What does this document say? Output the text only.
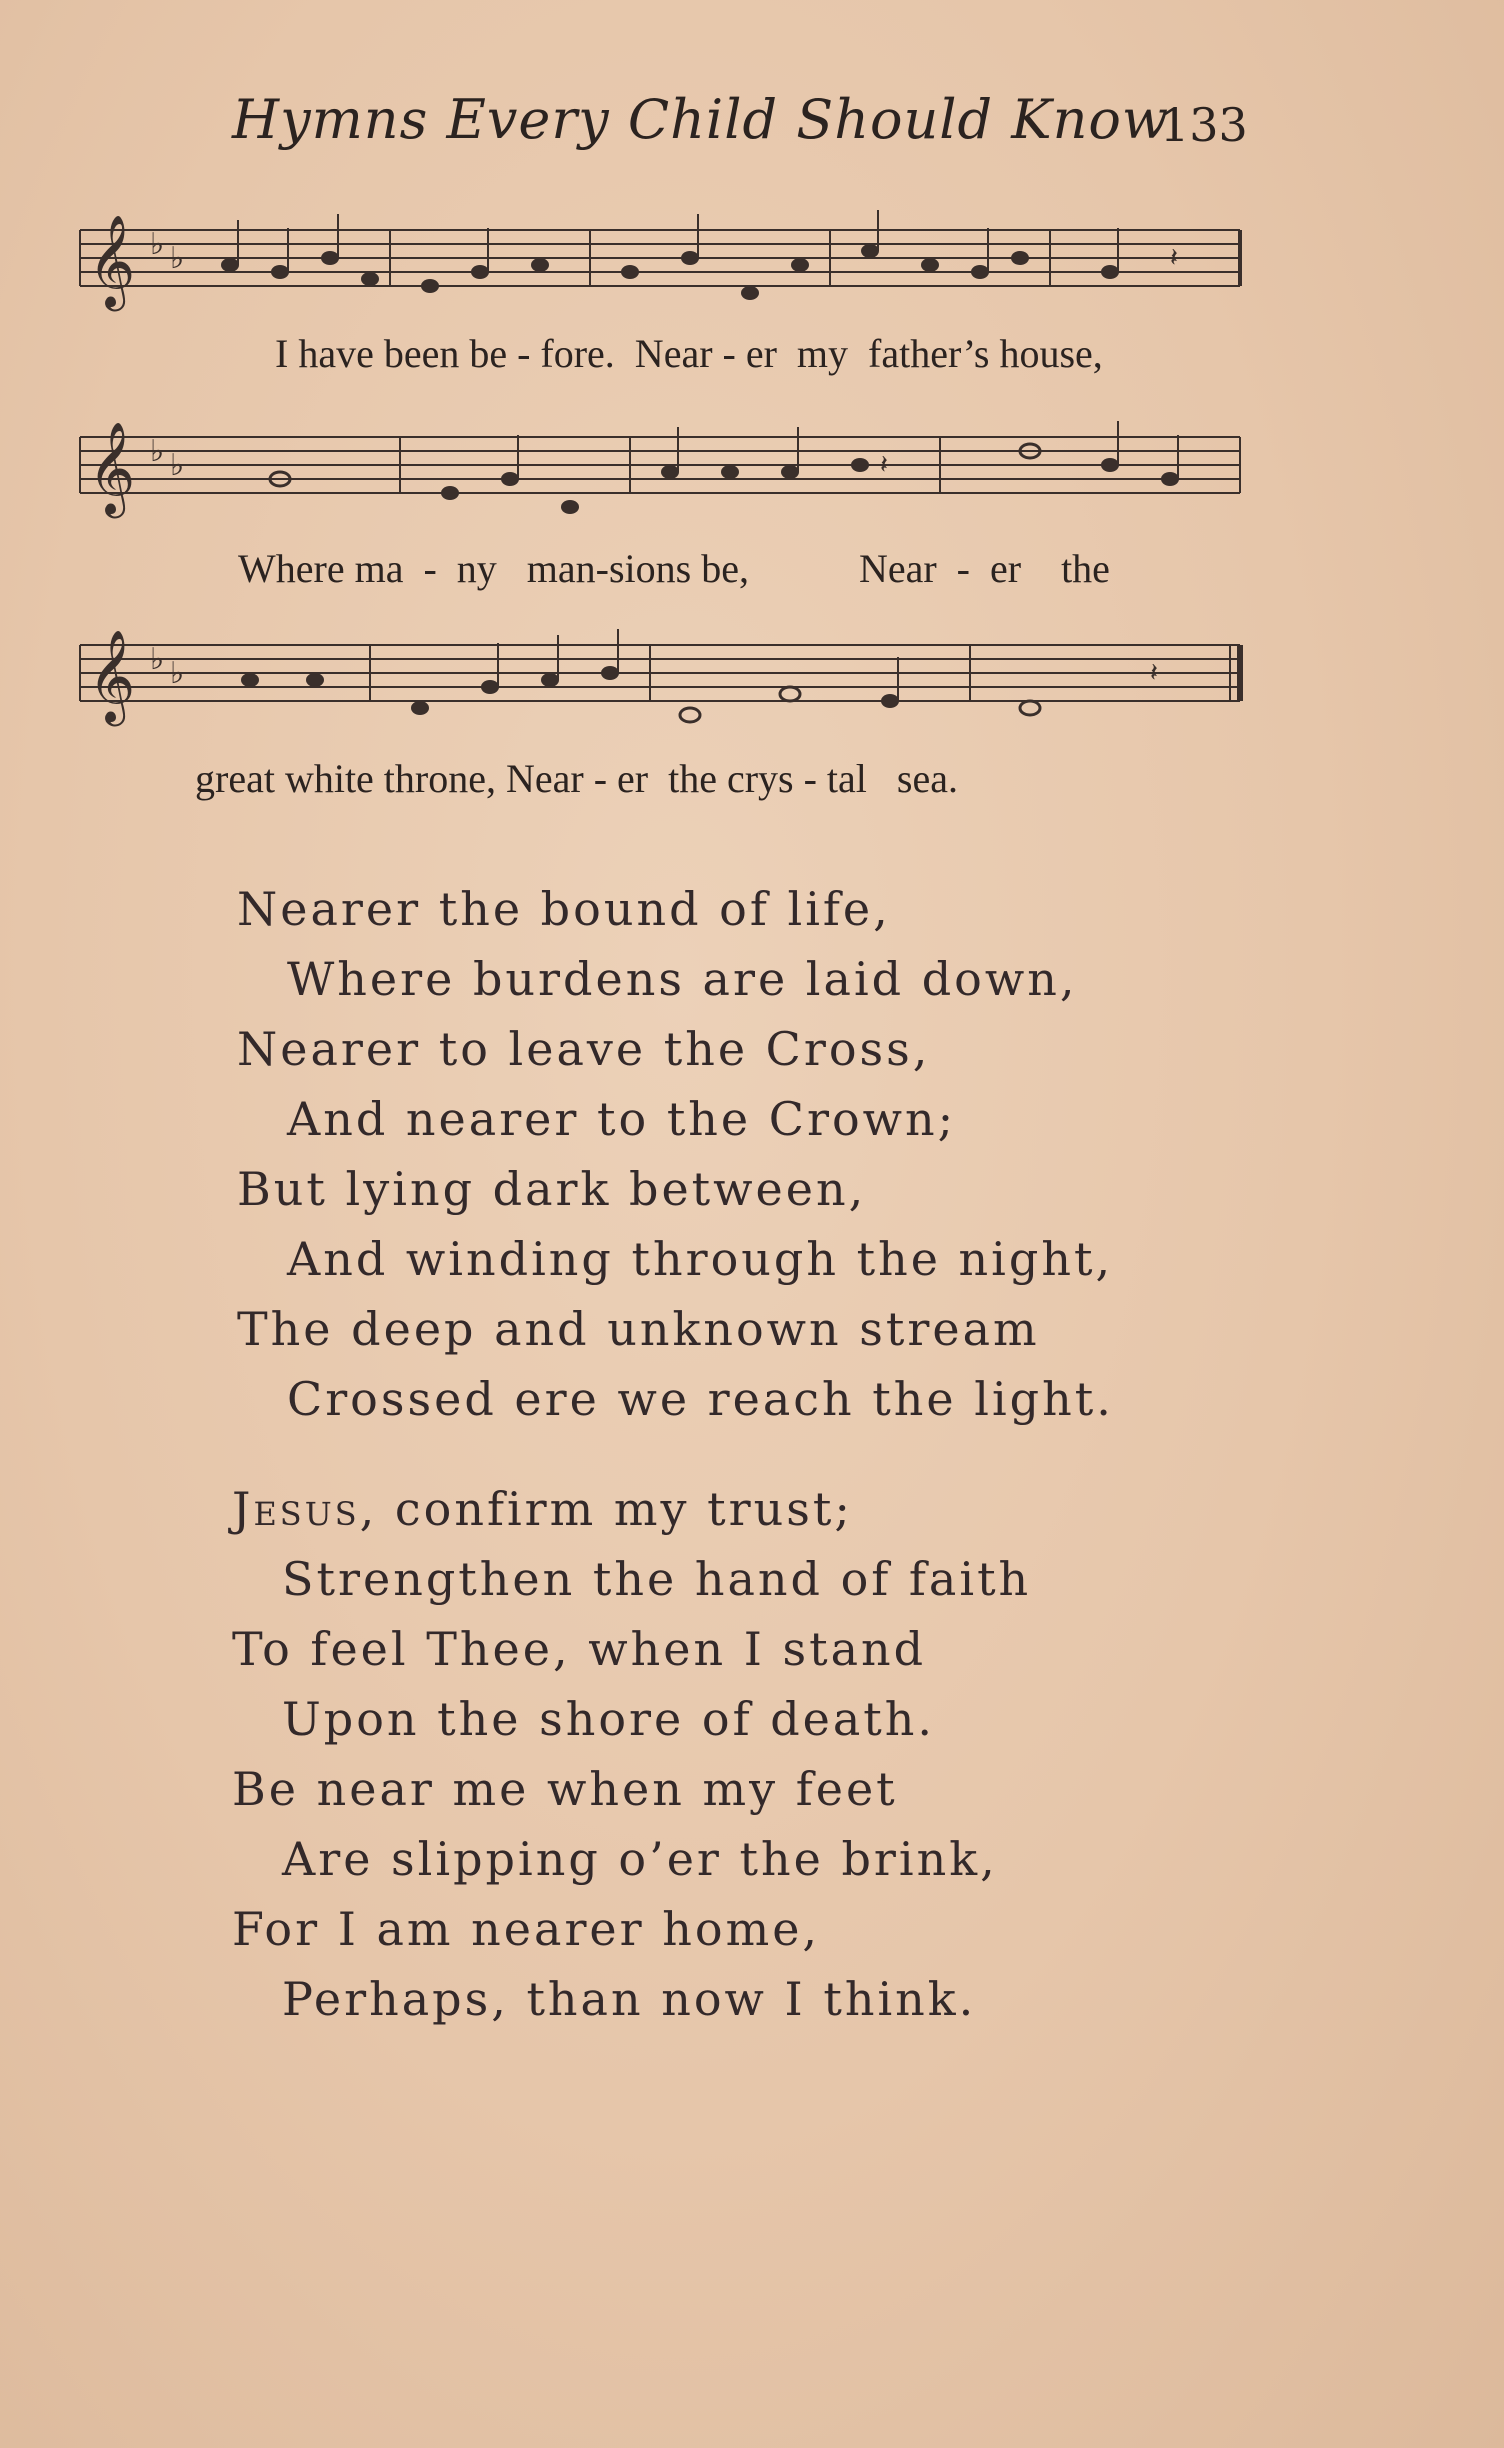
Hymns Every Child Should Know
133
𝄞 ♭ ♭	𝄽
I have been be - fore.  Near - er  my  father’s house,
𝄞 ♭ ♭	𝄽
Where ma  -  ny   man-sions be,           Near  -  er    the
𝄞 ♭ ♭	𝄽
great white throne, Near - er  the crys - tal   sea.
Nearer the bound of life,
Where burdens are laid down,
Nearer to leave the Cross,
And nearer to the Crown;
But lying dark between,
And winding through the night,
The deep and unknown stream
Crossed ere we reach the light.
Jesus, confirm my trust;
Strengthen the hand of faith
To feel Thee, when I stand
Upon the shore of death.
Be near me when my feet
Are slipping o’er the brink,
For I am nearer home,
Perhaps, than now I think.
